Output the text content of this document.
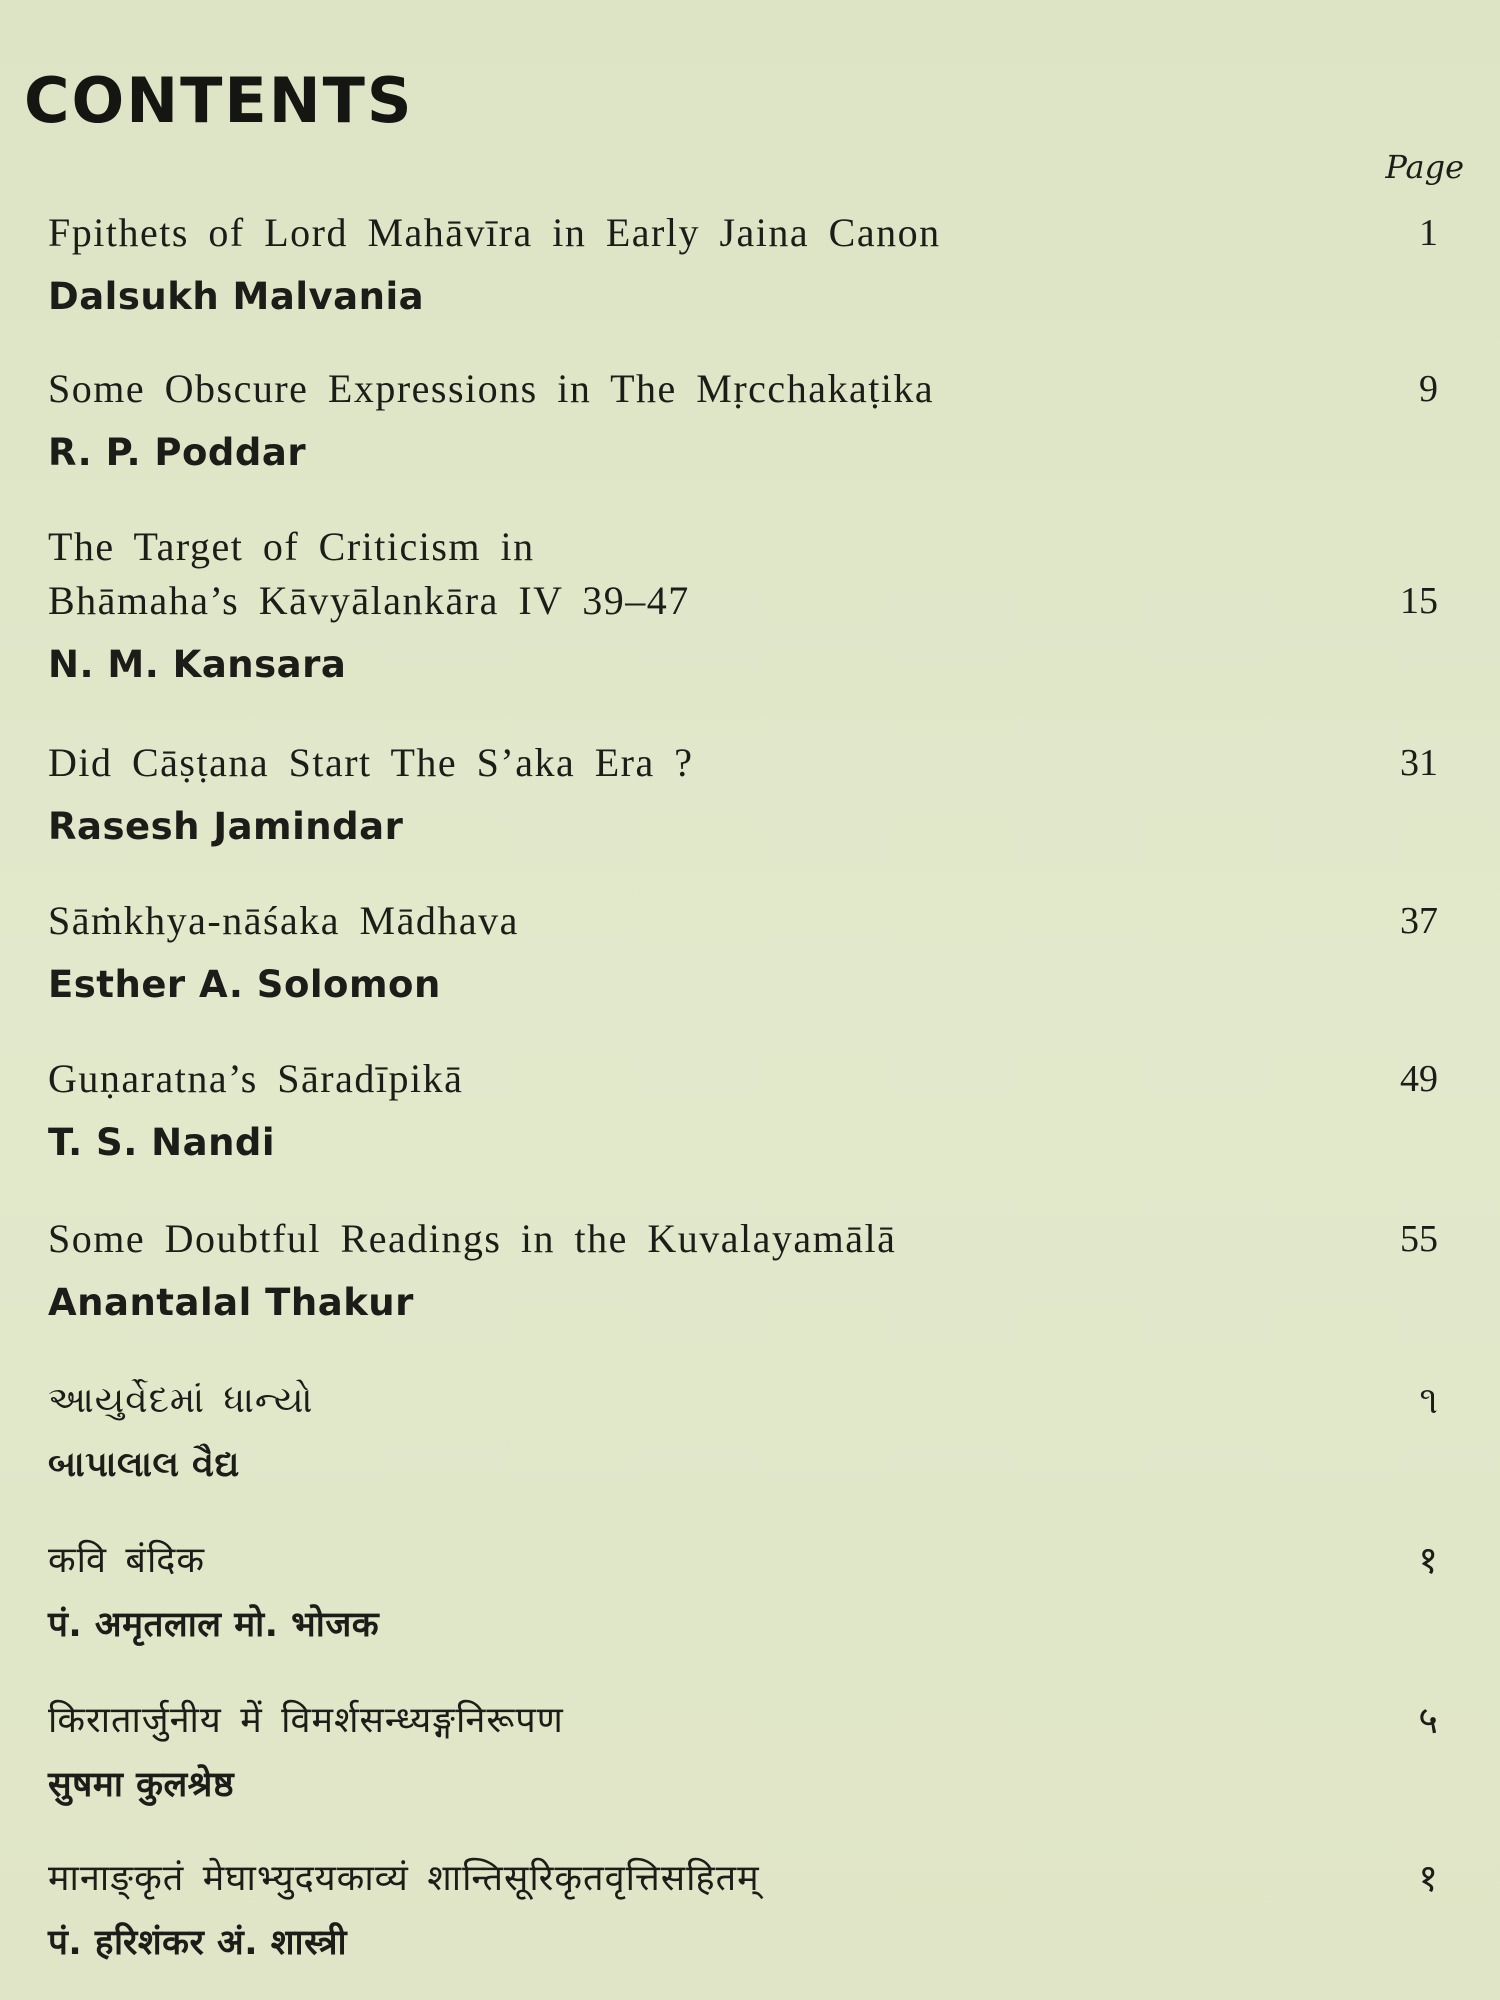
CONTENTS
Page
1
Fpithets of Lord Mahāvīra in Early Jaina Canon
Dalsukh Malvania
9
Some Obscure Expressions in The Mṛcchakaṭika
R. P. Poddar
15
The Target of Criticism in
Bhāmaha’s Kāvyālankāra IV 39–47
N. M. Kansara
31
Did Cāṣṭana Start The S’aka Era ?
Rasesh Jamindar
37
Sāṁkhya-nāśaka Mādhava
Esther A. Solomon
49
Guṇaratna’s Sāradīpikā
T. S. Nandi
55
Some Doubtful Readings in the Kuvalayamālā
Anantalal Thakur
૧
આયુર્વેદમાં ધાન્યો
બાપાલાલ વૈદ્ય
१
कवि बंदिक
पं. अमृतलाल मो. भोजक
५
किरातार्जुनीय में विमर्शसन्ध्यङ्गनिरूपण
सुषमा कुलश्रेष्ठ
१
मानाङ्कृतं मेघाभ्युदयकाव्यं शान्तिसूरिकृतवृत्तिसहितम्
पं. हरिशंकर अं. शास्त्री
